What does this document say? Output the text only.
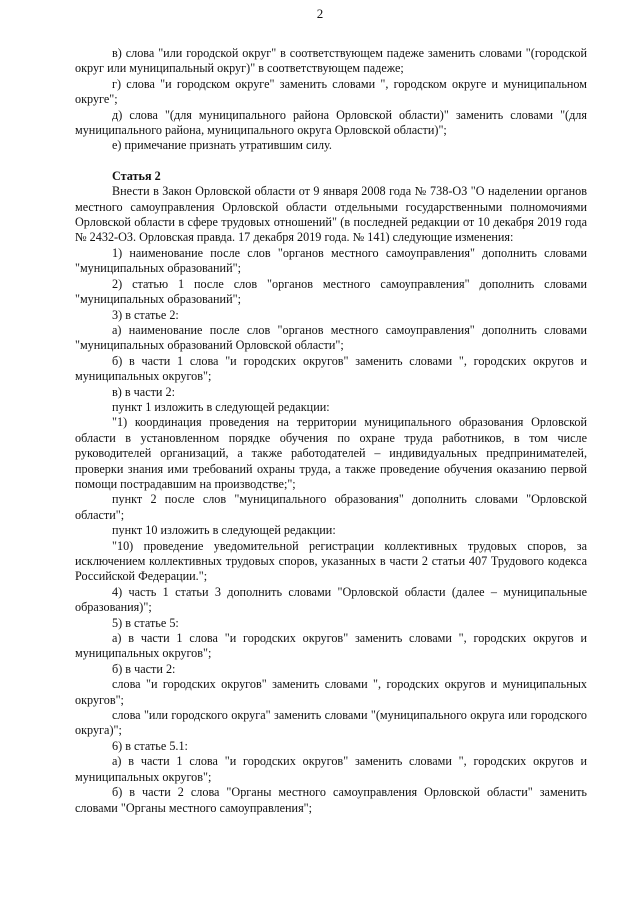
2

в) слова "или городской округ" в соответствующем падеже заменить словами "(городской округ или муниципальный округ)" в соответствующем падеже;

г) слова "и городском округе" заменить словами ", городском округе и муниципальном округе";

д) слова "(для муниципального района Орловской области)" заменить словами "(для муниципального района, муниципального округа Орловской области)";

е) примечание признать утратившим силу.

Статья 2

Внести в Закон Орловской области от 9 января 2008 года № 738-ОЗ "О наделении органов местного самоуправления Орловской области отдельными государственными полномочиями Орловской области в сфере трудовых отношений" (в последней редакции от 10 декабря 2019 года № 2432-ОЗ. Орловская правда. 17 декабря 2019 года. № 141) следующие изменения:

1) наименование после слов "органов местного самоуправления" дополнить словами "муниципальных образований";

2) статью 1 после слов "органов местного самоуправления" дополнить словами "муниципальных образований";

3) в статье 2:

а) наименование после слов "органов местного самоуправления" дополнить словами "муниципальных образований Орловской области";

б) в части 1 слова "и городских округов" заменить словами ", городских округов и муниципальных округов";

в) в части 2:

пункт 1 изложить в следующей редакции:

"1) координация проведения на территории муниципального образования Орловской области в установленном порядке обучения по охране труда работников, в том числе руководителей организаций, а также работодателей – индивидуальных предпринимателей, проверки знания ими требований охраны труда, а также проведение обучения оказанию первой помощи пострадавшим на производстве;";

пункт 2 после слов "муниципального образования" дополнить словами "Орловской области";

пункт 10 изложить в следующей редакции:

"10) проведение уведомительной регистрации коллективных трудовых споров, за исключением коллективных трудовых споров, указанных в части 2 статьи 407 Трудового кодекса Российской Федерации.";

4) часть 1 статьи 3 дополнить словами "Орловской области (далее – муниципальные образования)";

5) в статье 5:

а) в части 1 слова "и городских округов" заменить словами ", городских округов и муниципальных округов";

б) в части 2:

слова "и городских округов" заменить словами ", городских округов и муниципальных округов";

слова "или городского округа" заменить словами "(муниципального округа или городского округа)";

6) в статье 5.1:

а) в части 1 слова "и городских округов" заменить словами ", городских округов и муниципальных округов";

б) в части 2 слова "Органы местного самоуправления Орловской области" заменить словами "Органы местного самоуправления";
